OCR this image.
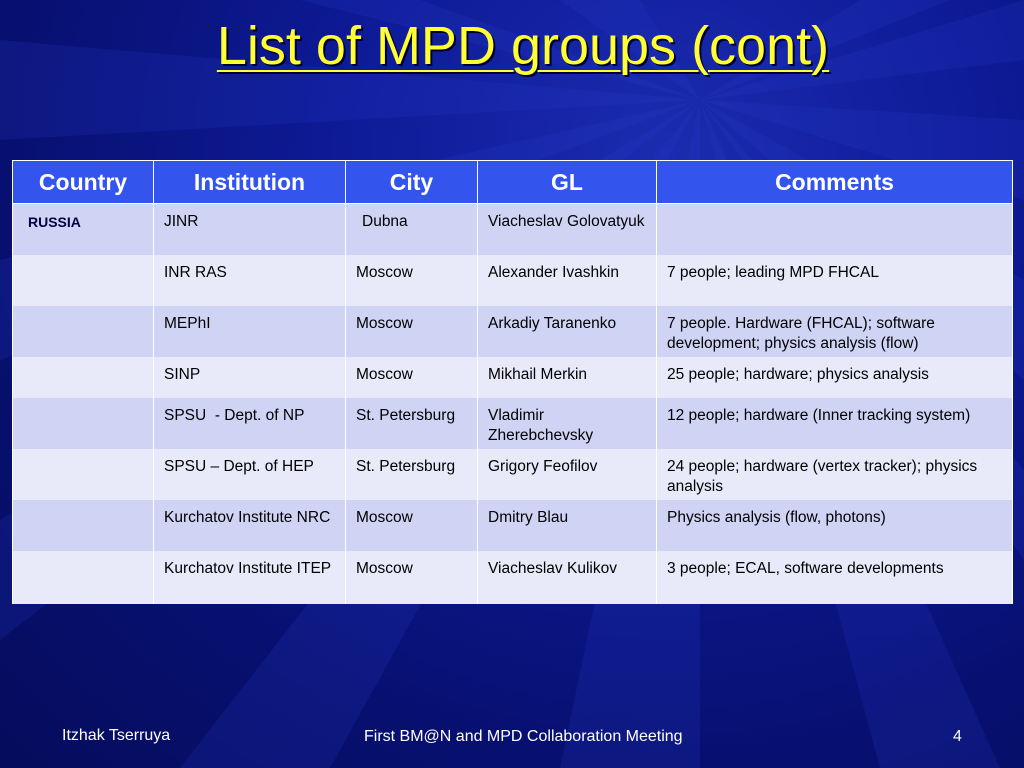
List of MPD groups (cont)
Country	Institution	City	GL	Comments
RUSSIA	JINR	Dubna	Viacheslav Golovatyuk	
	INR RAS	Moscow	Alexander Ivashkin	7 people; leading MPD FHCAL
	MEPhI	Moscow	Arkadiy Taranenko	7 people. Hardware (FHCAL); software development; physics analysis (flow)
	SINP	Moscow	Mikhail Merkin	25 people; hardware; physics analysis
	SPSU  - Dept. of NP	St. Petersburg	Vladimir Zherebchevsky	12 people; hardware (Inner tracking system)
	SPSU – Dept. of HEP	St. Petersburg	Grigory Feofilov	24 people; hardware (vertex tracker); physics analysis
	Kurchatov Institute NRC	Moscow	Dmitry Blau	Physics analysis (flow, photons)
	Kurchatov Institute ITEP	Moscow	Viacheslav Kulikov	3 people; ECAL, software developments
Itzhak Tserruya	First BM@N and MPD Collaboration Meeting	4
